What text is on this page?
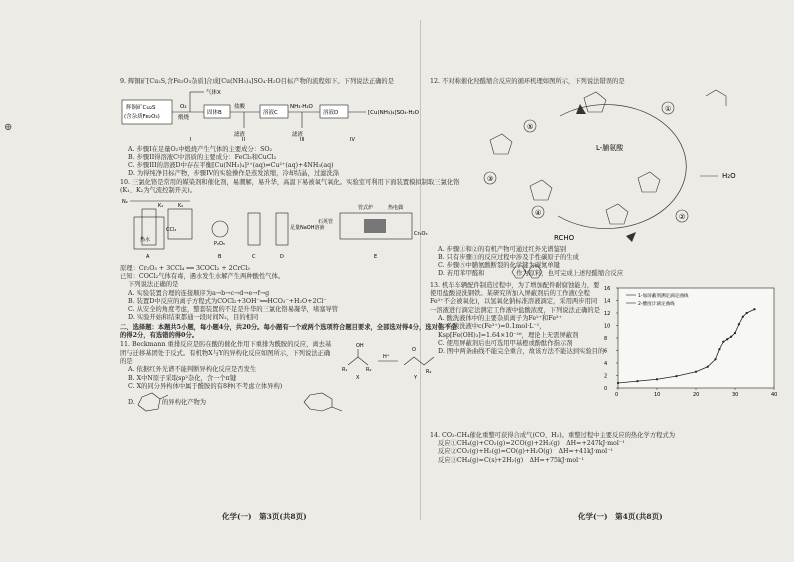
⊕

9. 辉铜矿[Cu₂S,含Fe₂O₃杂质]合成[Cu(NH₃)₄]SO₄·H₂O目标产物的流程如下。下列说法正确的是

辉铜矿Cu₂S
(含杂质Fe₂O₃)
O₂
煅烧
气体X
固体B
盐酸
滤渣
溶液C
NH₃·H₂O
滤渣
溶液D	[Cu(NH₃)₄]SO₄·H₂O
I	II	III	IV

A. 步骤I在足量O₂中煅烧产生气体的主要成分：SO₂

B. 步骤II得溶液C中溶质的主要成分：FeCl₃和CuCl₂

C. 步骤III的溶液D中存在平衡[Cu(NH₃)₄]²⁺(aq)⇌Cu²⁺(aq)+4NH₃(aq)

D. 为得纯净目标产物，步骤IV的实验操作是蒸发浓缩，冷却结晶，过滤洗涤

10. 三氯化铬是常用的媒染剂和催化剂，易潮解，易升华，高温下易被氧气氧化。实验室可利用下面装置模拟制取三氯化铬(K₁、K₂为气流控制开关)。

N₂
热水
CCl₄
K₁	K₂
P₂O₅
足量NaOH溶液
管式炉	热电偶
石英管
Cr₂O₃
A	B	C	D	E

原理：Cr₂O₃ + 3CCl₄ ══ 3COCl₂ + 2CrCl₃

已知：COCl₂气体有毒，遇水发生水解产生两种酸性气体。

下列说法正确的是

A. 实验装置合理的连接顺序为a→b→c→d→e→f→g

B. 装置D中反应的离子方程式为COCl₂+3OH⁻══HCO₃⁻+H₂O+2Cl⁻

C. 从安全的角度考虑，整套装置的不足是升华的三氯化铬易凝华，堵塞导管

D. 实验开始和结束都通一段时间N₂，目的相同

二、选择题：本题共5小题，每小题4分，共20分。每小题有一个或两个选项符合题目要求，全部选对得4分，选对但不全的得2分，有选错的得0分。

11. Beckmann 重排反应是肟在酸的催化作用下重排为酰胺的反应，离去基团与迁移基团处于反式。有机物X与Y的异构化反应如图所示，下列说法正确的是

OH
R₁	R₂
X
H⁺
O
R₂
Y

A. 依据红外光谱不能判断异构化反应是否发生

B. X中N原子采取sp²杂化，含一个π键

C. X的同分异构体中属于酰胺的有8种(不考虑立体异构)

D. 　　　　的异构化产物为

化学(一)　第3页(共8页)

12. 不对称催化羟醛缩合反应的循环机理如图所示，下列说法错误的是

⑤
④	②
①
③
L-脯氨酸
H₂O
RCHO

A. 步骤①和②的有机产物可通过红外光谱鉴别

B. 只有步骤③的反应过程中涉及手性碳原子的生成

C. 步骤⑤中脯氨酸断裂的化学键为碳氮单键

D. 若用苯甲醛和　　　　　作为原料，也可完成上述羟醛缩合反应

13. 机车车辆配件制造过程中，为了增加配件耐腐蚀能力，要使用盐酸浸洗钢铁。某研究所加入屏蔽剂后的工作液(全程Fe²⁺不会被氧化)，以氢氧化钠标准溶液滴定，采用两步用同一溶液进行滴定法测定工作液中盐酸浓度，下列说法正确的是

A. 酸洗液体中的主要杂质离子为Fe²⁺和Fe³⁺

B. 若酸洗液中c(Fe³⁺)=0.1mol·L⁻¹，Ksp[Fe(OH)₃]=1.64×10⁻¹⁶，理论上无需屏蔽剂

C. 使用屏蔽剂后也可选用甲基橙或酚酞作指示剂

D. 图中两条曲线不能完全重合，故该方法不能达到实验目的

0	10	20	30	40
0
2
4
6
8
10
12
14
16
1-加屏蔽剂测定滴定曲线
2-酸度计滴定曲线

14. CO₂-CH₄催化重整可获得合成气(CO、H₂)。重整过程中主要反应的热化学方程式为

反应①CH₄(g)+CO₂(g)=2CO(g)+2H₂(g)　ΔH=+247kJ·mol⁻¹

反应②CO₂(g)+H₂(g)=CO(g)+H₂O(g)　ΔH=+41kJ·mol⁻¹

反应③CH₄(g)=C(s)+2H₂(g)　ΔH=+75kJ·mol⁻¹

化学(一)　第4页(共8页)
